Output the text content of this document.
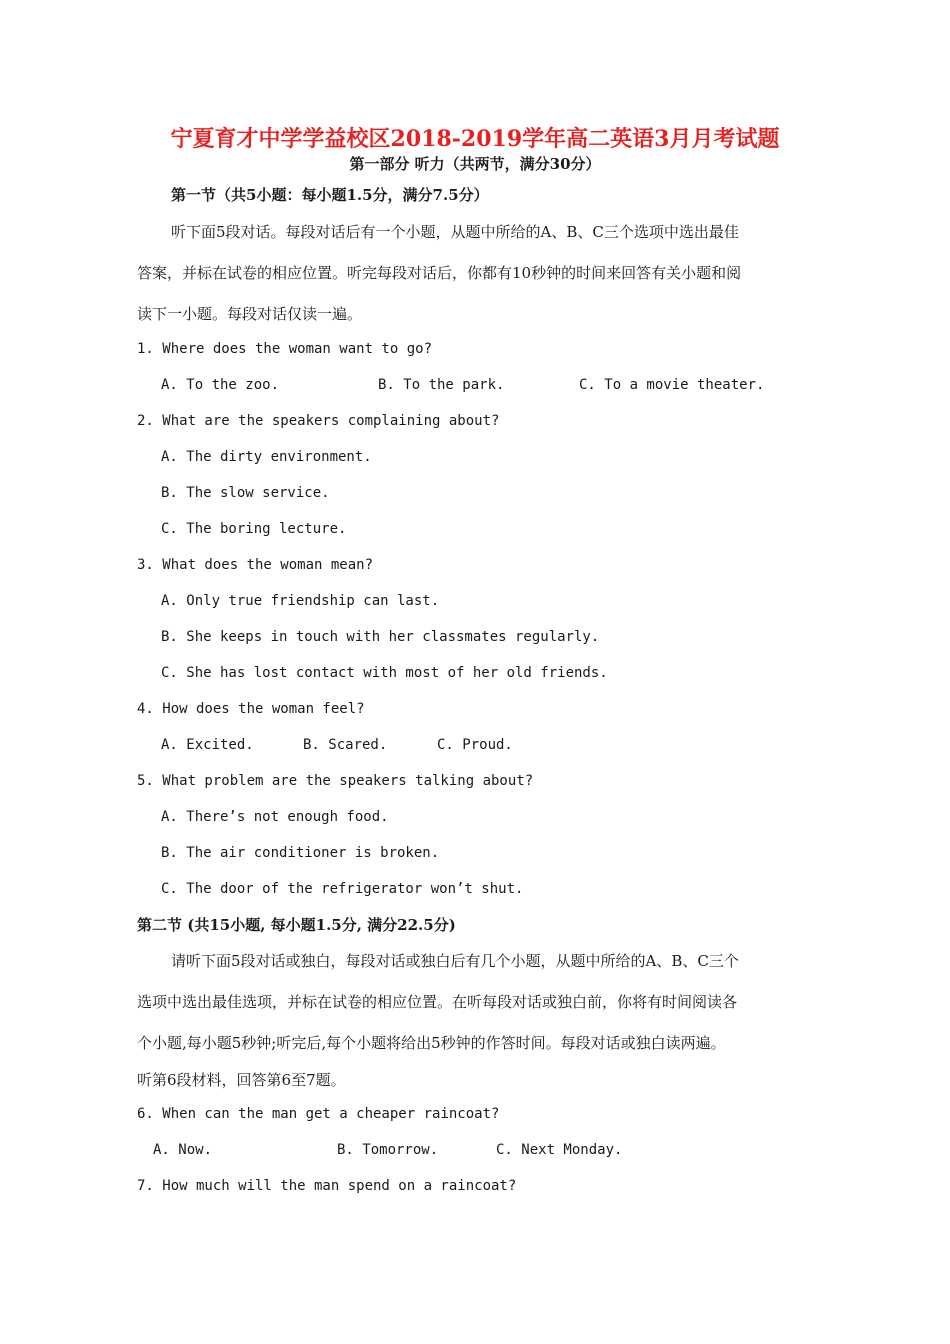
宁夏育才中学学益校区2018-2019学年高二英语3月月考试题
第一部分 听力（共两节，满分30分）
第一节（共5小题：每小题1.5分，满分7.5分）
听下面5段对话。每段对话后有一个小题，从题中所给的A、B、C三个选项中选出最佳
答案，并标在试卷的相应位置。听完每段对话后，你都有10秒钟的时间来回答有关小题和阅
读下一小题。每段对话仅读一遍。
1. Where does the woman want to go?
A. To the zoo.	B. To the park.	C. To a movie theater.
2. What are the speakers complaining about?
A. The dirty environment.
B. The slow service.
C. The boring lecture.
3. What does the woman mean?
A. Only true friendship can last.
B. She keeps in touch with her classmates regularly.
C. She has lost contact with most of her old friends.
4. How does the woman feel?
A. Excited.	B. Scared.	C. Proud.
5. What problem are the speakers talking about?
A. There’s not enough food.
B. The air conditioner is broken.
C. The door of the refrigerator won’t shut.
第二节 (共15小题, 每小题1.5分, 满分22.5分)
请听下面5段对话或独白，每段对话或独白后有几个小题，从题中所给的A、B、C三个
选项中选出最佳选项，并标在试卷的相应位置。在听每段对话或独白前，你将有时间阅读各
个小题,每小题5秒钟;听完后,每个小题将给出5秒钟的作答时间。每段对话或独白读两遍。
听第6段材料，回答第6至7题。
6. When can the man get a cheaper raincoat?
A. Now.	B. Tomorrow.	C. Next Monday.
7. How much will the man spend on a raincoat?
